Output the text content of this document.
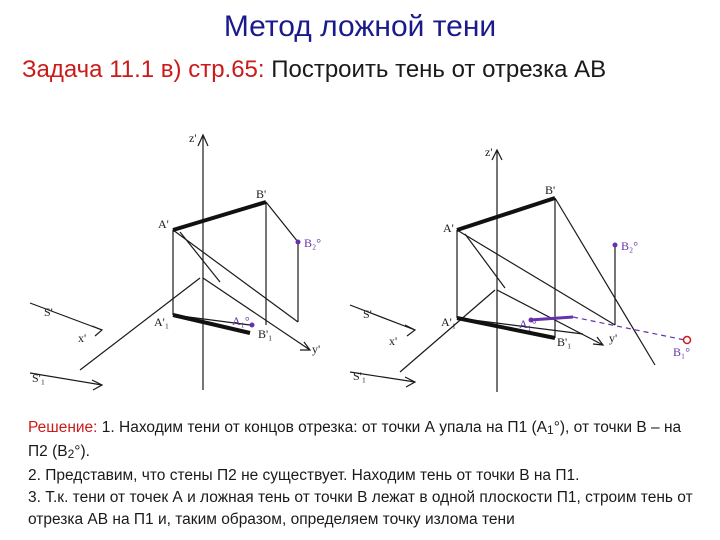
Метод ложной тени
Задача 11.1 в) стр.65: Построить тень от отрезка АВ
z'
B'
A'
B₂°
S'
x'
A'₁	A₁°
B'₁
y'
S'₁
z'
B'
A'
B₂°
S'
x'
A'₁	A₁°
B'₁	y'
S'₁
B₁°
Решение: 1. Находим тени от концов отрезка: от точки А упала на П1 (А1°), от точки В – на П2 (В2°).
2. Представим, что стены П2 не существует. Находим тень от точки В на П1.
3. Т.к. тени от точек А и ложная тень от точки В лежат в одной плоскости П1, строим тень от отрезка АВ на П1 и, таким образом, определяем точку излома тени
